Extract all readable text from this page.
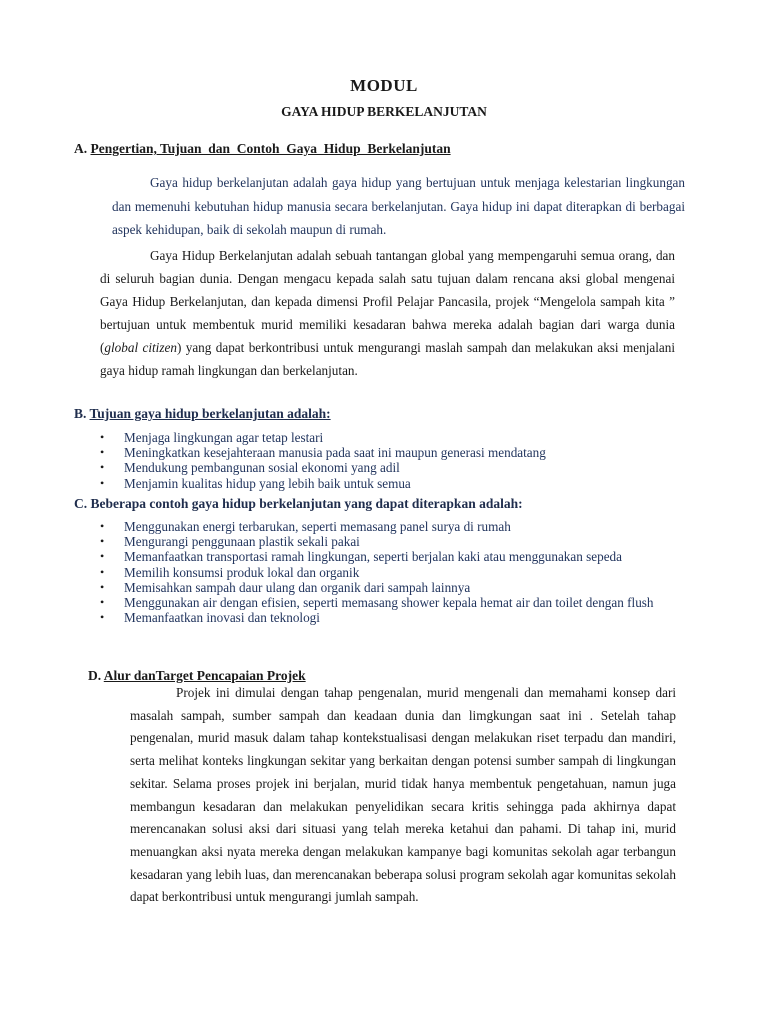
MODUL
GAYA HIDUP BERKELANJUTAN
A. Pengertian, Tujuan  dan  Contoh  Gaya  Hidup  Berkelanjutan
Gaya hidup berkelanjutan adalah gaya hidup yang bertujuan untuk menjaga kelestarian lingkungan dan memenuhi kebutuhan hidup manusia secara berkelanjutan. Gaya hidup ini dapat diterapkan di berbagai aspek kehidupan, baik di sekolah maupun di rumah.
Gaya Hidup Berkelanjutan adalah sebuah tantangan global yang mempengaruhi semua orang, dan di seluruh bagian dunia. Dengan mengacu kepada salah satu tujuan dalam rencana aksi global mengenai Gaya Hidup Berkelanjutan, dan kepada dimensi Profil Pelajar Pancasila, projek “Mengelola sampah kita ” bertujuan untuk membentuk murid memiliki kesadaran bahwa mereka adalah bagian dari warga dunia (global citizen) yang dapat berkontribusi untuk mengurangi maslah sampah dan melakukan aksi menjalani gaya hidup ramah lingkungan dan berkelanjutan.
B. Tujuan gaya hidup berkelanjutan adalah:
• Menjaga lingkungan agar tetap lestari
• Meningkatkan kesejahteraan manusia pada saat ini maupun generasi mendatang
• Mendukung pembangunan sosial ekonomi yang adil
• Menjamin kualitas hidup yang lebih baik untuk semua
C. Beberapa contoh gaya hidup berkelanjutan yang dapat diterapkan adalah:
• Menggunakan energi terbarukan, seperti memasang panel surya di rumah
• Mengurangi penggunaan plastik sekali pakai
• Memanfaatkan transportasi ramah lingkungan, seperti berjalan kaki atau menggunakan sepeda
• Memilih konsumsi produk lokal dan organik
• Memisahkan sampah daur ulang dan organik dari sampah lainnya
• Menggunakan air dengan efisien, seperti memasang shower kepala hemat air dan toilet dengan flush
• Memanfaatkan inovasi dan teknologi
D. Alur danTarget Pencapaian Projek
Projek ini dimulai dengan tahap pengenalan, murid mengenali dan memahami konsep dari masalah sampah, sumber sampah dan keadaan dunia dan limgkungan saat ini . Setelah tahap pengenalan, murid masuk dalam tahap kontekstualisasi dengan melakukan riset terpadu dan mandiri, serta melihat konteks lingkungan sekitar yang berkaitan dengan potensi sumber sampah di lingkungan sekitar. Selama proses projek ini berjalan, murid tidak hanya membentuk pengetahuan, namun juga membangun kesadaran dan melakukan penyelidikan secara kritis sehingga pada akhirnya dapat merencanakan solusi aksi dari situasi yang telah mereka ketahui dan pahami. Di tahap ini, murid menuangkan aksi nyata mereka dengan melakukan kampanye bagi komunitas sekolah agar terbangun kesadaran yang lebih luas, dan merencanakan beberapa solusi program sekolah agar komunitas sekolah dapat berkontribusi untuk mengurangi jumlah sampah.
